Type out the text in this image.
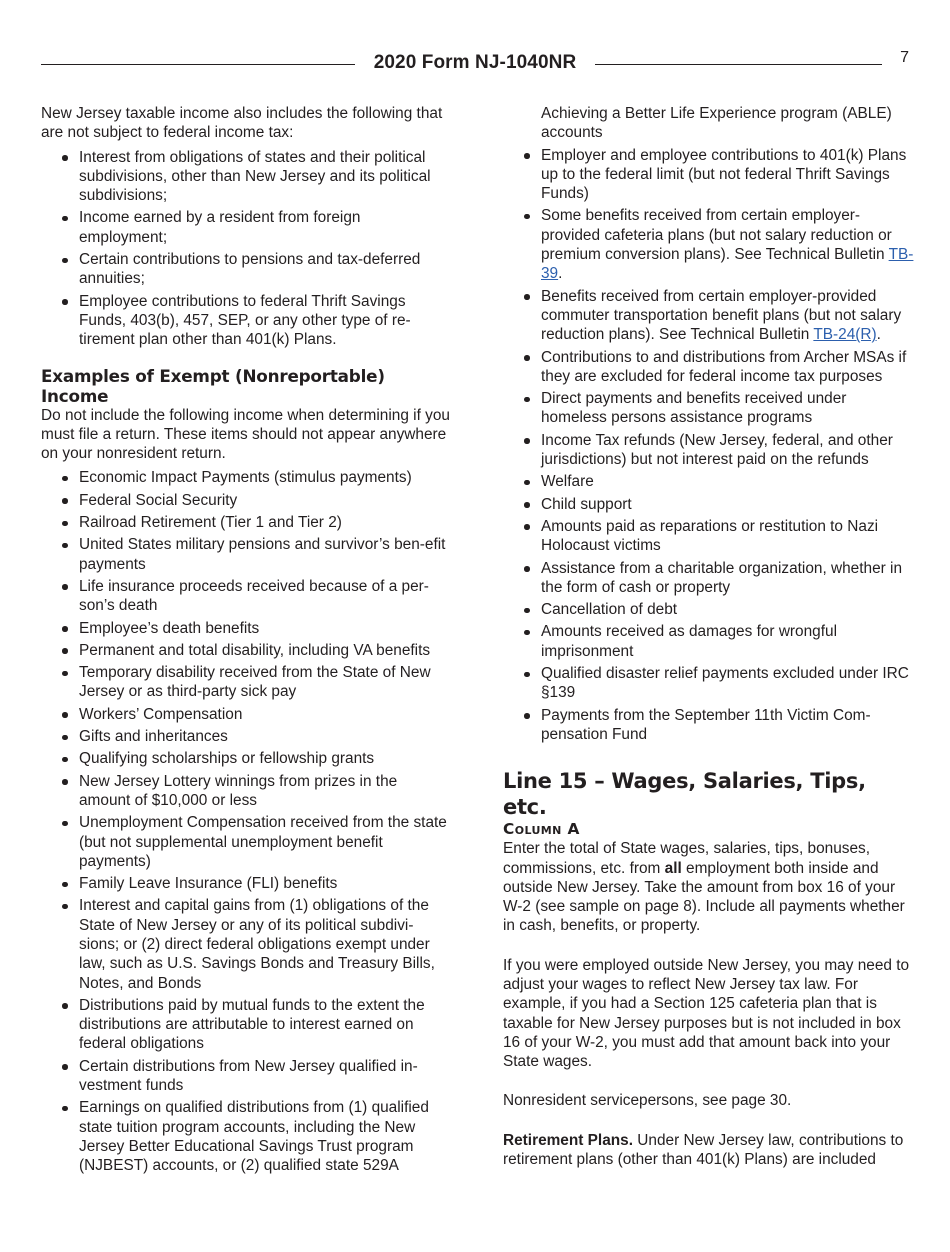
2020 Form NJ-1040NR	7

New Jersey taxable income also includes the following that are not subject to federal income tax:

Interest from obligations of states and their political subdivisions, other than New Jersey and its political subdivisions;
Income earned by a resident from foreign employment;
Certain contributions to pensions and tax-deferred annuities;
Employee contributions to federal Thrift Savings Funds, 403(b), 457, SEP, or any other type of re-tirement plan other than 401(k) Plans.
Examples of Exempt (Nonreportable) Income

Do not include the following income when determining if you must file a return. These items should not appear anywhere on your nonresident return.

Economic Impact Payments (stimulus payments)
Federal Social Security
Railroad Retirement (Tier 1 and Tier 2)
United States military pensions and survivor’s ben-efit payments
Life insurance proceeds received because of a per-son’s death
Employee’s death benefits
Permanent and total disability, including VA benefits
Temporary disability received from the State of New Jersey or as third-party sick pay
Workers’ Compensation
Gifts and inheritances
Qualifying scholarships or fellowship grants
New Jersey Lottery winnings from prizes in the amount of $10,000 or less
Unemployment Compensation received from the state (but not supplemental unemployment benefit payments)
Family Leave Insurance (FLI) benefits
Interest and capital gains from (1) obligations of the State of New Jersey or any of its political subdivi-sions; or (2) direct federal obligations exempt under law, such as U.S. Savings Bonds and Treasury Bills, Notes, and Bonds
Distributions paid by mutual funds to the extent the distributions are attributable to interest earned on federal obligations
Certain distributions from New Jersey qualified in-vestment funds
Earnings on qualified distributions from (1) qualified state tuition program accounts, including the New Jersey Better Educational Savings Trust program (NJBEST) accounts, or (2) qualified state 529A
Achieving a Better Life Experience program (ABLE) accounts
Employer and employee contributions to 401(k) Plans up to the federal limit (but not federal Thrift Savings Funds)
Some benefits received from certain employer-provided cafeteria plans (but not salary reduction or premium conversion plans). See Technical Bulletin TB-39.
Benefits received from certain employer-provided commuter transportation benefit plans (but not salary reduction plans). See Technical Bulletin TB-24(R).
Contributions to and distributions from Archer MSAs if they are excluded for federal income tax purposes
Direct payments and benefits received under homeless persons assistance programs
Income Tax refunds (New Jersey, federal, and other jurisdictions) but not interest paid on the refunds
Welfare
Child support
Amounts paid as reparations or restitution to Nazi Holocaust victims
Assistance from a charitable organization, whether in the form of cash or property
Cancellation of debt
Amounts received as damages for wrongful imprisonment
Qualified disaster relief payments excluded under IRC §139
Payments from the September 11th Victim Com-pensation Fund
Line 15 – Wages, Salaries, Tips, etc.
Column A

Enter the total of State wages, salaries, tips, bonuses, commissions, etc. from all employment both inside and outside New Jersey. Take the amount from box 16 of your W-2 (see sample on page 8). Include all payments whether in cash, benefits, or property.

If you were employed outside New Jersey, you may need to adjust your wages to reflect New Jersey tax law. For example, if you had a Section 125 cafeteria plan that is taxable for New Jersey purposes but is not included in box 16 of your W-2, you must add that amount back into your State wages.

Nonresident servicepersons, see page 30.

Retirement Plans. Under New Jersey law, contributions to retirement plans (other than 401(k) Plans) are included
